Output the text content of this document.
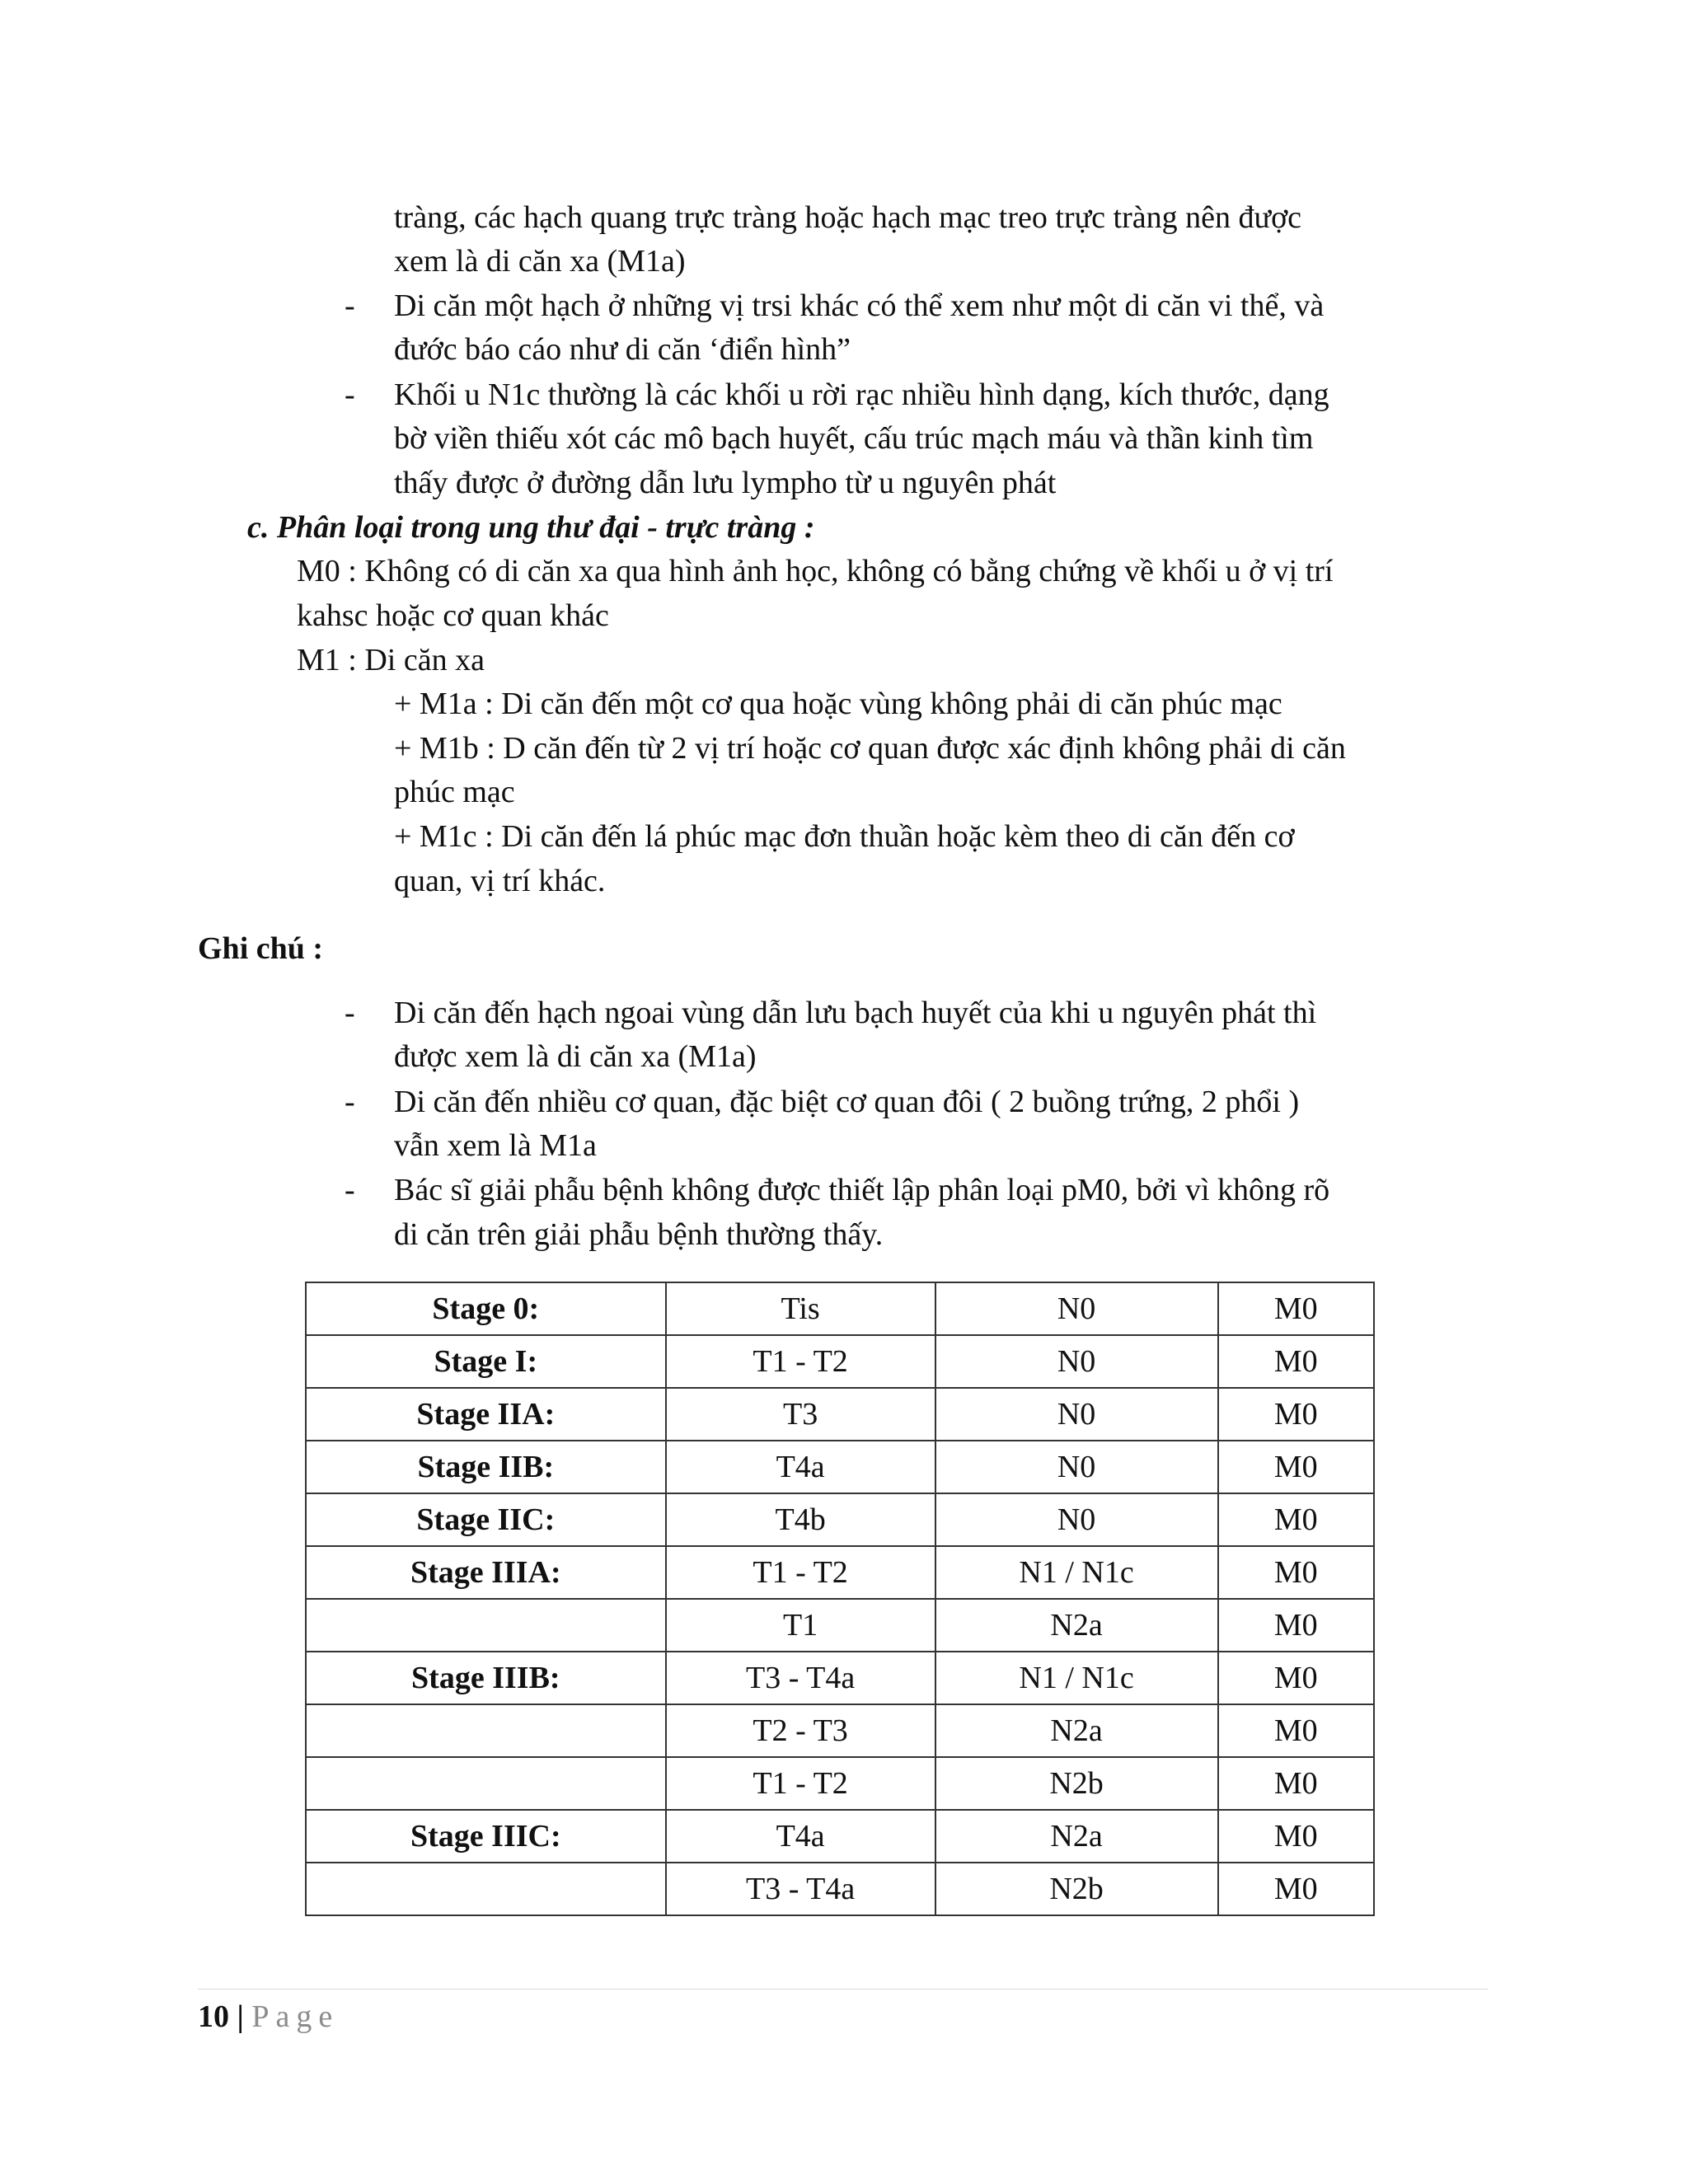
tràng, các hạch quang trực tràng hoặc hạch mạc treo trực tràng nên được
xem là di căn xa (M1a)
- Di căn một hạch ở những vị trsi khác có thể xem như một di căn vi thể, và
đước báo cáo như di căn ‘điển hình”
- Khối u N1c thường là các khối u rời rạc nhiều hình dạng, kích thước, dạng
bờ viền thiếu xót các mô bạch huyết, cấu trúc mạch máu và thần kinh tìm
thấy được ở đường dẫn lưu lympho từ u nguyên phát
c. Phân loại trong ung thư đại - trực tràng :
M0 : Không có di căn xa qua hình ảnh học, không có bằng chứng về khối u ở vị trí
kahsc hoặc cơ quan khác
M1 : Di căn xa
+ M1a : Di căn đến một cơ qua hoặc vùng không phải di căn phúc mạc
+ M1b : D căn đến từ 2 vị trí hoặc cơ quan được xác định không phải di căn
phúc mạc
+ M1c : Di căn đến lá phúc mạc đơn thuần hoặc kèm theo di căn đến cơ
quan, vị trí khác.
Ghi chú :
- Di căn đến hạch ngoai vùng dẫn lưu bạch huyết của khi u nguyên phát thì
được xem là di căn xa (M1a)
- Di căn đến nhiều cơ quan, đặc biệt cơ quan đôi ( 2 buồng trứng, 2 phổi )
vẫn xem là M1a
- Bác sĩ giải phẫu bệnh không được thiết lập phân loại pM0, bởi vì không rõ
di căn trên giải phẫu bệnh thường thấy.
Stage 0:	Tis	N0	M0
Stage I:	T1 - T2	N0	M0
Stage IIA:	T3	N0	M0
Stage IIB:	T4a	N0	M0
Stage IIC:	T4b	N0	M0
Stage IIIA:	T1 - T2	N1 / N1c	M0
	T1	N2a	M0
Stage IIIB:	T3 - T4a	N1 / N1c	M0
	T2 - T3	N2a	M0
	T1 - T2	N2b	M0
Stage IIIC:	T4a	N2a	M0
	T3 - T4a	N2b	M0
10 | Page
